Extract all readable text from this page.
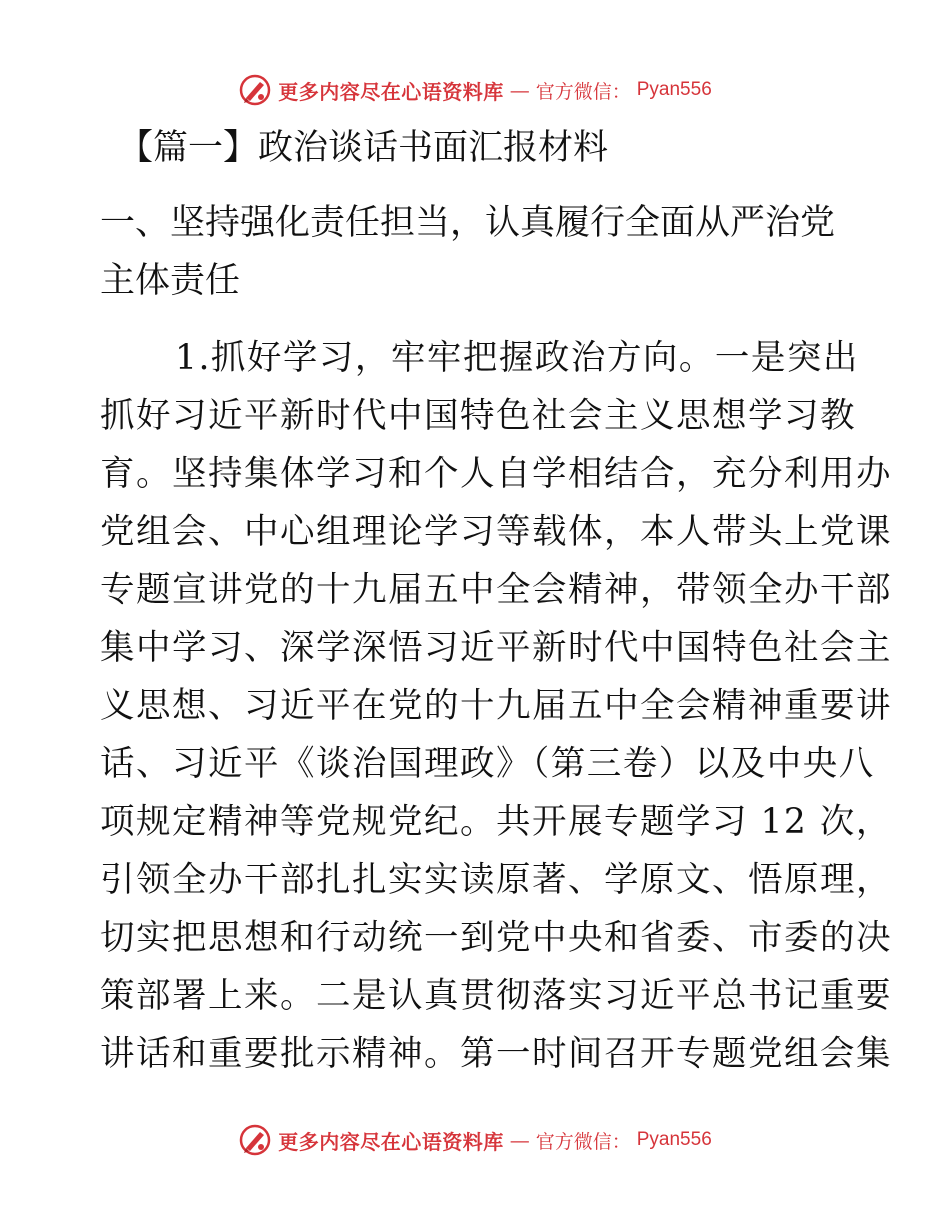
更多内容尽在心语资料库 — 官方微信： Pyan556
【篇一】政治谈话书面汇报材料
一、坚持强化责任担当，认真履行全面从严治党
主体责任
1.抓好学习，牢牢把握政治方向。一是突出
抓好习近平新时代中国特色社会主义思想学习教
育。坚持集体学习和个人自学相结合，充分利用办
党组会、中心组理论学习等载体，本人带头上党课
专题宣讲党的十九届五中全会精神，带领全办干部
集中学习、深学深悟习近平新时代中国特色社会主
义思想、习近平在党的十九届五中全会精神重要讲
话、习近平《谈治国理政》（第三卷）以及中央八
项规定精神等党规党纪。共开展专题学习 12 次，
引领全办干部扎扎实实读原著、学原文、悟原理，
切实把思想和行动统一到党中央和省委、市委的决
策部署上来。二是认真贯彻落实习近平总书记重要
讲话和重要批示精神。第一时间召开专题党组会集
更多内容尽在心语资料库 — 官方微信： Pyan556
